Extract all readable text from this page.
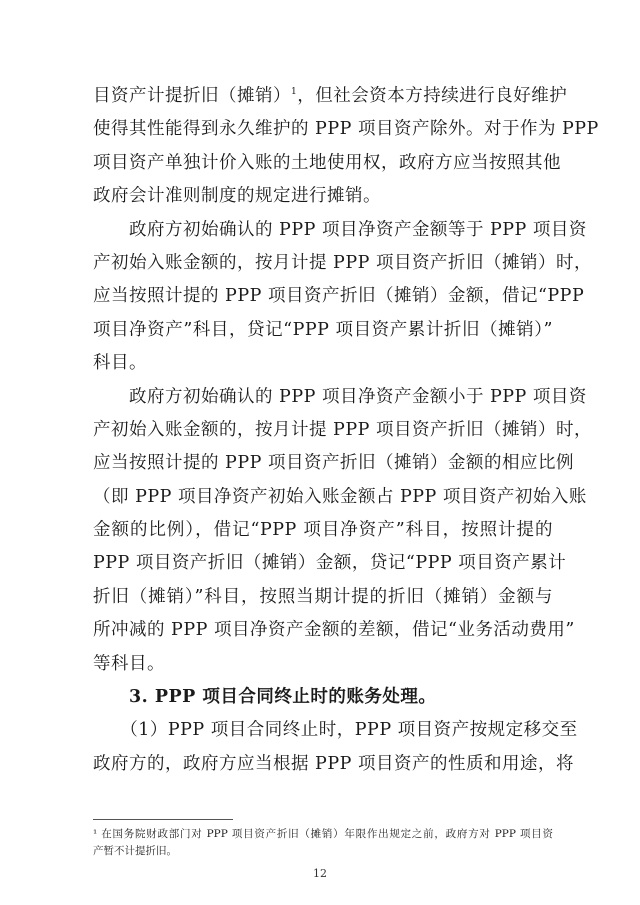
目资产计提折旧（摊销）$^1$，但社会资本方持续进行良好维护
使得其性能得到永久维护的 PPP 项目资产除外。对于作为 PPP
项目资产单独计价入账的土地使用权，政府方应当按照其他
政府会计准则制度的规定进行摊销。
　　政府方初始确认的 PPP 项目净资产金额等于 PPP 项目资
产初始入账金额的，按月计提 PPP 项目资产折旧（摊销）时，
应当按照计提的 PPP 项目资产折旧（摊销）金额，借记“PPP
项目净资产”科目，贷记“PPP 项目资产累计折旧（摊销）”
科目。
　　政府方初始确认的 PPP 项目净资产金额小于 PPP 项目资
产初始入账金额的，按月计提 PPP 项目资产折旧（摊销）时，
应当按照计提的 PPP 项目资产折旧（摊销）金额的相应比例
（即 PPP 项目净资产初始入账金额占 PPP 项目资产初始入账
金额的比例），借记“PPP 项目净资产”科目，按照计提的
PPP 项目资产折旧（摊销）金额，贷记“PPP 项目资产累计
折旧（摊销）”科目，按照当期计提的折旧（摊销）金额与
所冲减的 PPP 项目净资产金额的差额，借记“业务活动费用”
等科目。
　　3. PPP 项目合同终止时的账务处理。
　　（1）PPP 项目合同终止时，PPP 项目资产按规定移交至
政府方的，政府方应当根据 PPP 项目资产的性质和用途，将
¹ 在国务院财政部门对 PPP 项目资产折旧（摊销）年限作出规定之前，政府方对 PPP 项目资
产暂不计提折旧。
12
